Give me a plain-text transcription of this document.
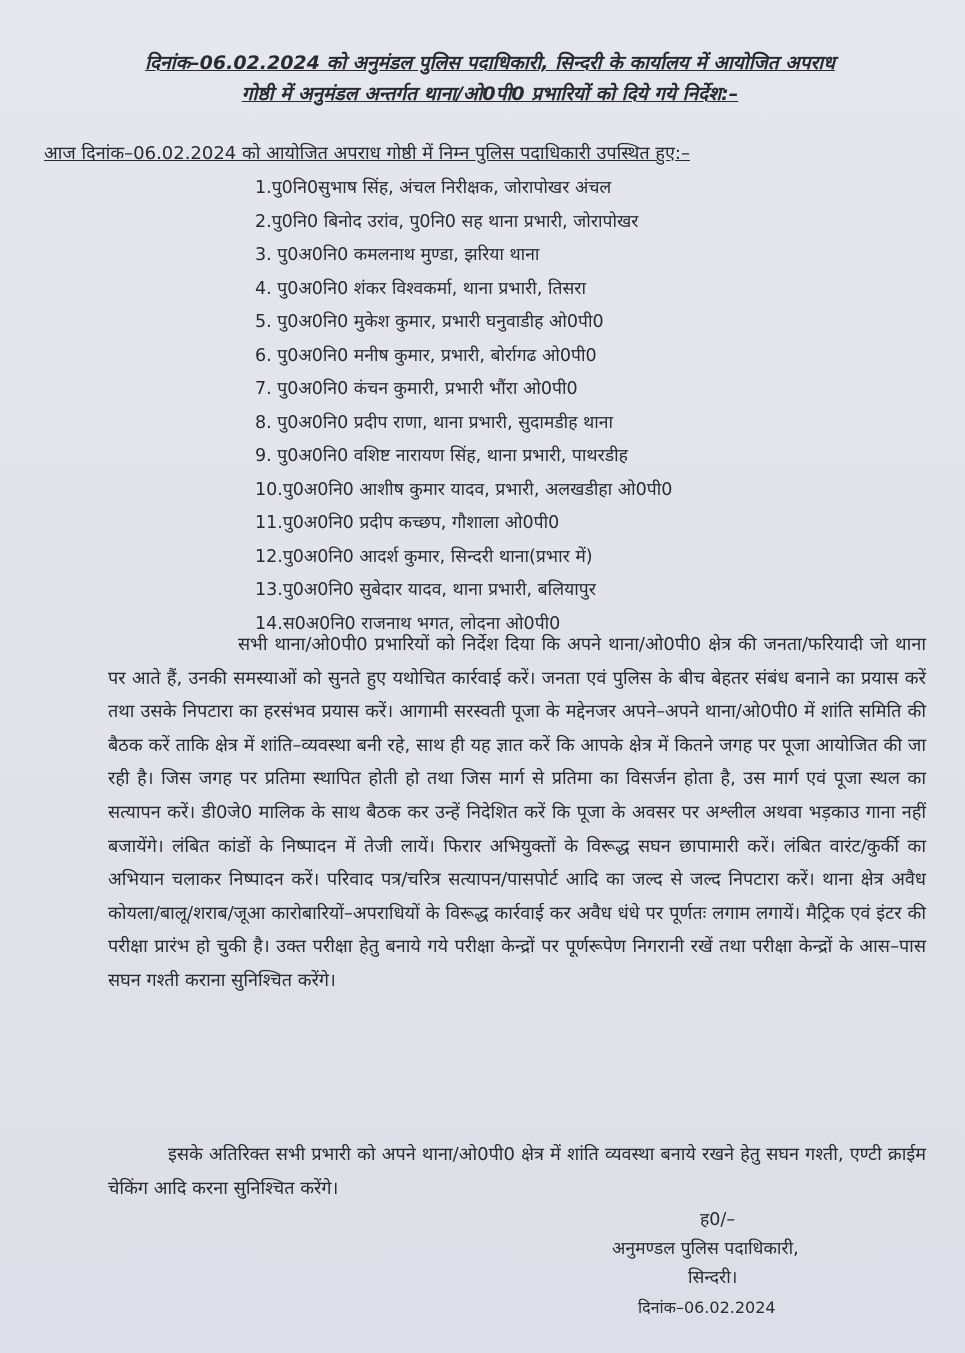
दिनांक–06.02.2024 को अनुमंडल पुलिस पदाधिकारी, सिन्दरी के कार्यालय में आयोजित अपराध
गोष्ठी में अनुमंडल अन्तर्गत थाना/ओ0पी0 प्रभारियों को दिये गये निर्देश:–
आज दिनांक–06.02.2024 को आयोजित अपराध गोष्ठी में निम्न पुलिस पदाधिकारी उपस्थित हुए:–
1.पु0नि0सुभाष सिंह, अंचल निरीक्षक, जोरापोखर अंचल
2.पु0नि0 बिनोद उरांव, पु0नि0 सह थाना प्रभारी, जोरापोखर
3. पु0अ0नि0 कमलनाथ मुण्डा, झरिया थाना
4. पु0अ0नि0 शंकर विश्वकर्मा, थाना प्रभारी, तिसरा
5. पु0अ0नि0 मुकेश कुमार, प्रभारी घनुवाडीह ओ0पी0
6. पु0अ0नि0 मनीष कुमार, प्रभारी, बोर्रागढ ओ0पी0
7. पु0अ0नि0 कंचन कुमारी, प्रभारी भौंरा ओ0पी0
8. पु0अ0नि0 प्रदीप राणा, थाना प्रभारी, सुदामडीह थाना
9. पु0अ0नि0 वशिष्ट नारायण सिंह, थाना प्रभारी, पाथरडीह
10.पु0अ0नि0 आशीष कुमार यादव, प्रभारी, अलखडीहा ओ0पी0
11.पु0अ0नि0 प्रदीप कच्छप, गौशाला ओ0पी0
12.पु0अ0नि0 आदर्श कुमार, सिन्दरी थाना(प्रभार में)
13.पु0अ0नि0 सुबेदार यादव, थाना प्रभारी, बलियापुर
14.स0अ0नि0 राजनाथ भगत, लोदना ओ0पी0

सभी थाना/ओ0पी0 प्रभारियों को निर्देश दिया कि अपने थाना/ओ0पी0 क्षेत्र की जनता/फरियादी जो थाना पर आते हैं, उनकी समस्याओं को सुनते हुए यथोचित कार्रवाई करें। जनता एवं पुलिस के बीच बेहतर संबंध बनाने का प्रयास करें तथा उसके निपटारा का हरसंभव प्रयास करें। आगामी सरस्वती पूजा के मद्देनजर अपने–अपने थाना/ओ0पी0 में शांति समिति की बैठक करें ताकि क्षेत्र में शांति–व्यवस्था बनी रहे, साथ ही यह ज्ञात करें कि आपके क्षेत्र में कितने जगह पर पूजा आयोजित की जा रही है। जिस जगह पर प्रतिमा स्थापित होती हो तथा जिस मार्ग से प्रतिमा का विसर्जन होता है, उस मार्ग एवं पूजा स्थल का सत्यापन करें। डी0जे0 मालिक के साथ बैठक कर उन्हें निदेशित करें कि पूजा के अवसर पर अश्लील अथवा भड़काउ गाना नहीं बजायेंगे। लंबित कांडों के निष्पादन में तेजी लायें। फिरार अभियुक्तों के विरूद्ध सघन छापामारी करें। लंबित वारंट/कुर्की का अभियान चलाकर निष्पादन करें। परिवाद पत्र/चरित्र सत्यापन/पासपोर्ट आदि का जल्द से जल्द निपटारा करें। थाना क्षेत्र अवैध कोयला/बालू/शराब/जूआ कारोबारियों–अपराधियों के विरूद्ध कार्रवाई कर अवैध धंधे पर पूर्णतः लगाम लगायें। मैट्रिक एवं इंटर की परीक्षा प्रारंभ हो चुकी है। उक्त परीक्षा हेतु बनाये गये परीक्षा केन्द्रों पर पूर्णरूपेण निगरानी रखें तथा परीक्षा केन्द्रों के आस–पास सघन गश्ती कराना सुनिश्चित करेंगे।

इसके अतिरिक्त सभी प्रभारी को अपने थाना/ओ0पी0 क्षेत्र में शांति व्यवस्था बनाये रखने हेतु सघन गश्ती, एण्टी क्राईम चेकिंग आदि करना सुनिश्चित करेंगे।

ह0/–
अनुमण्डल पुलिस पदाधिकारी,
सिन्दरी।
दिनांक–06.02.2024
